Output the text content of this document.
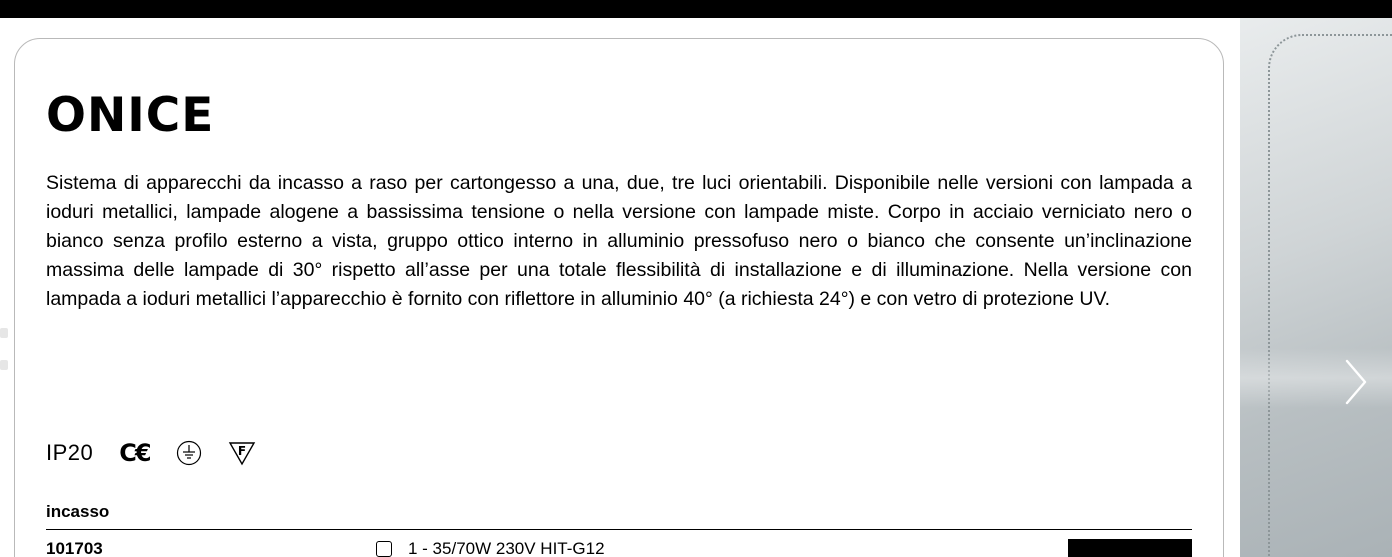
ONICE

Sistema di apparecchi da incasso a raso per cartongesso a una, due, tre luci orientabili. Disponibile nelle versioni con lampada a ioduri metallici, lampade alogene a bassissima tensione o nella versione con lampade miste. Corpo in acciaio verniciato nero o bianco senza profilo esterno a vista, gruppo ottico interno in alluminio pressofuso nero o bianco che consente un’inclinazione massima delle lampade di 30° rispetto all’asse per una totale flessibilità di installazione e di illuminazione. Nella versione con lampada a ioduri metallici l’apparecchio è fornito con riflettore in alluminio 40° (a richiesta 24°) e con vetro di protezione UV.

IP20 C€	F
incasso
101703	1 - 35/70W 230V HIT-G12
